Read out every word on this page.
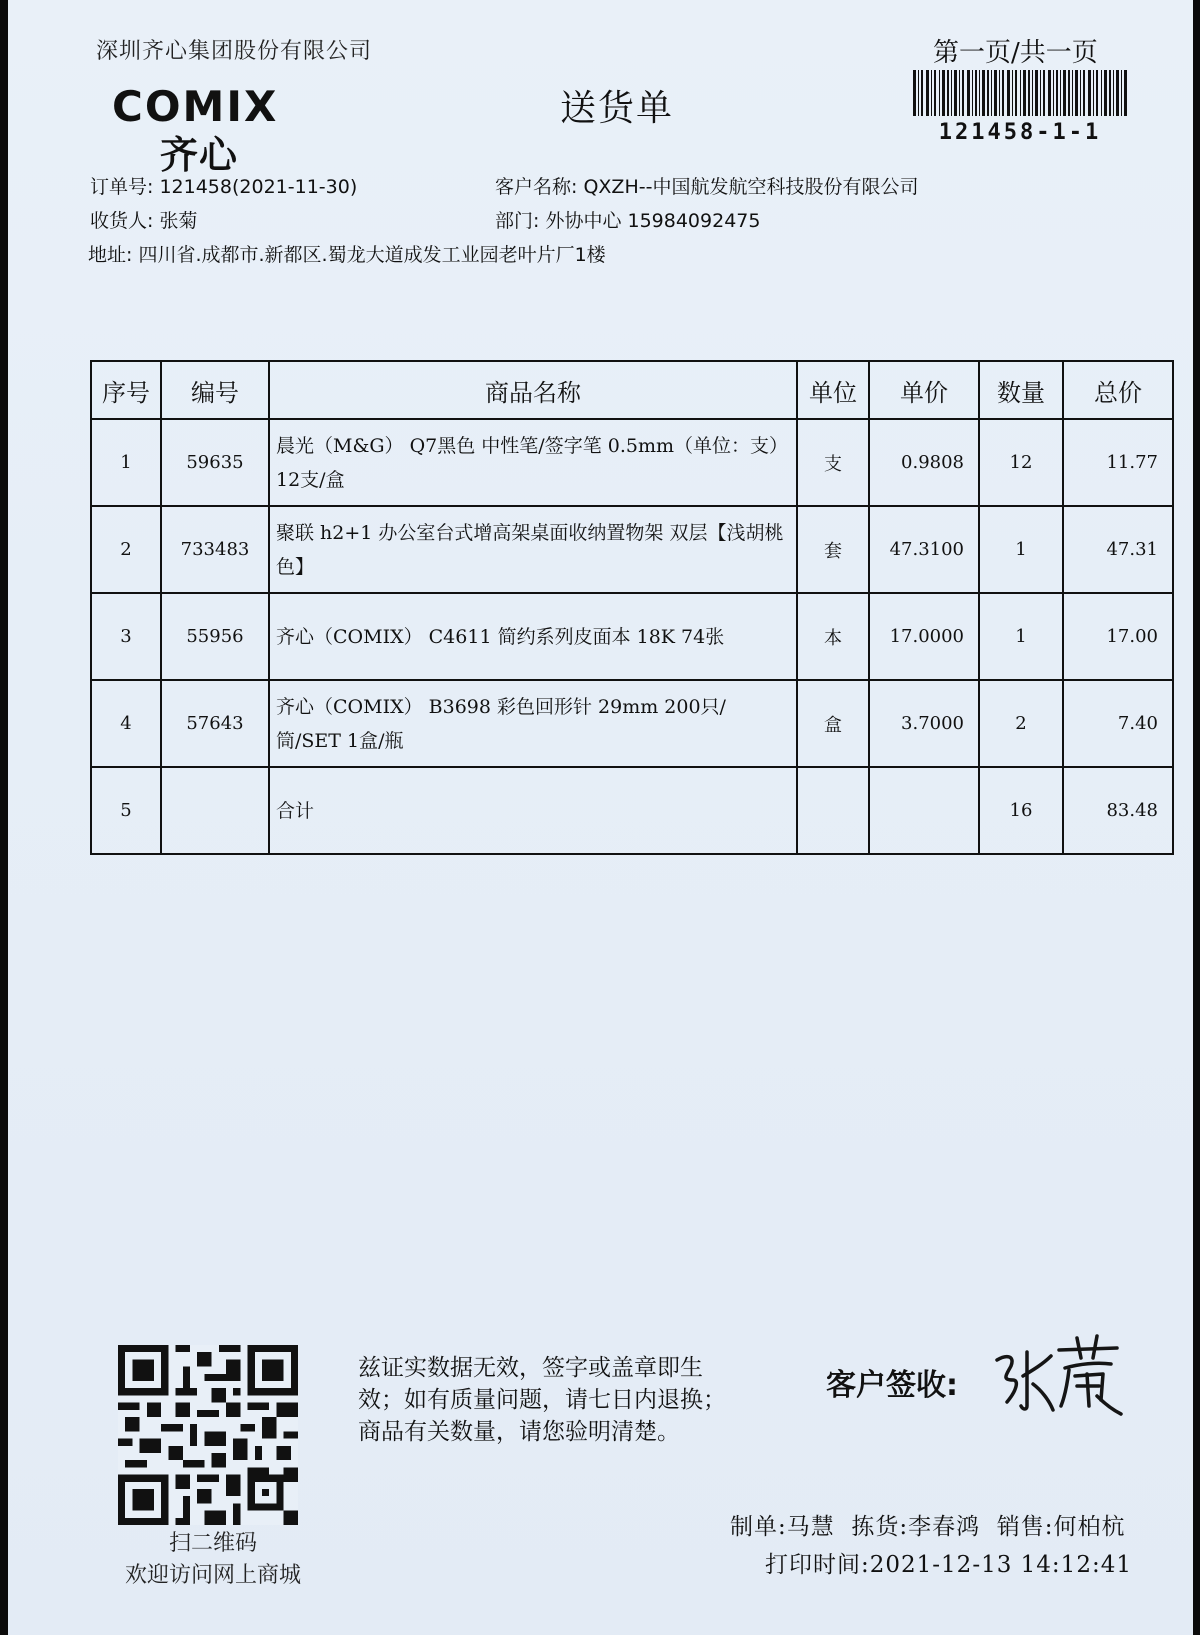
深圳齐心集团股份有限公司
COMIX
齐心
送货单
第一页/共一页
121458-1-1
订单号: 121458(2021-11-30)	客户名称: QXZH--中国航发航空科技股份有限公司
收货人: 张菊	部门: 外协中心 15984092475
地址: 四川省.成都市.新都区.蜀龙大道成发工业园老叶片厂1楼
序号	编号	商品名称	单位	单价	数量	总价
1	59635	晨光（M&G） Q7黑色 中性笔/签字笔 0.5mm（单位：支） 12支/盒	支	0.9808	12	11.77
2	733483	聚联 h2+1 办公室台式增高架桌面收纳置物架 双层【浅胡桃色】	套	47.3100	1	47.31
3	55956	齐心（COMIX） C4611 简约系列皮面本 18K 74张	本	17.0000	1	17.00
4	57643	齐心（COMIX） B3698 彩色回形针 29mm 200只/筒/SET 1盒/瓶	盒	3.7000	2	7.40
5		合计			16	83.48
扫二维码
欢迎访问网上商城
兹证实数据无效，签字或盖章即生
效；如有质量问题，请七日内退换；
商品有关数量，请您验明清楚。
客户签收:
制单:马慧  拣货:李春鸿  销售:何柏杭
打印时间:2021-12-13 14:12:41
